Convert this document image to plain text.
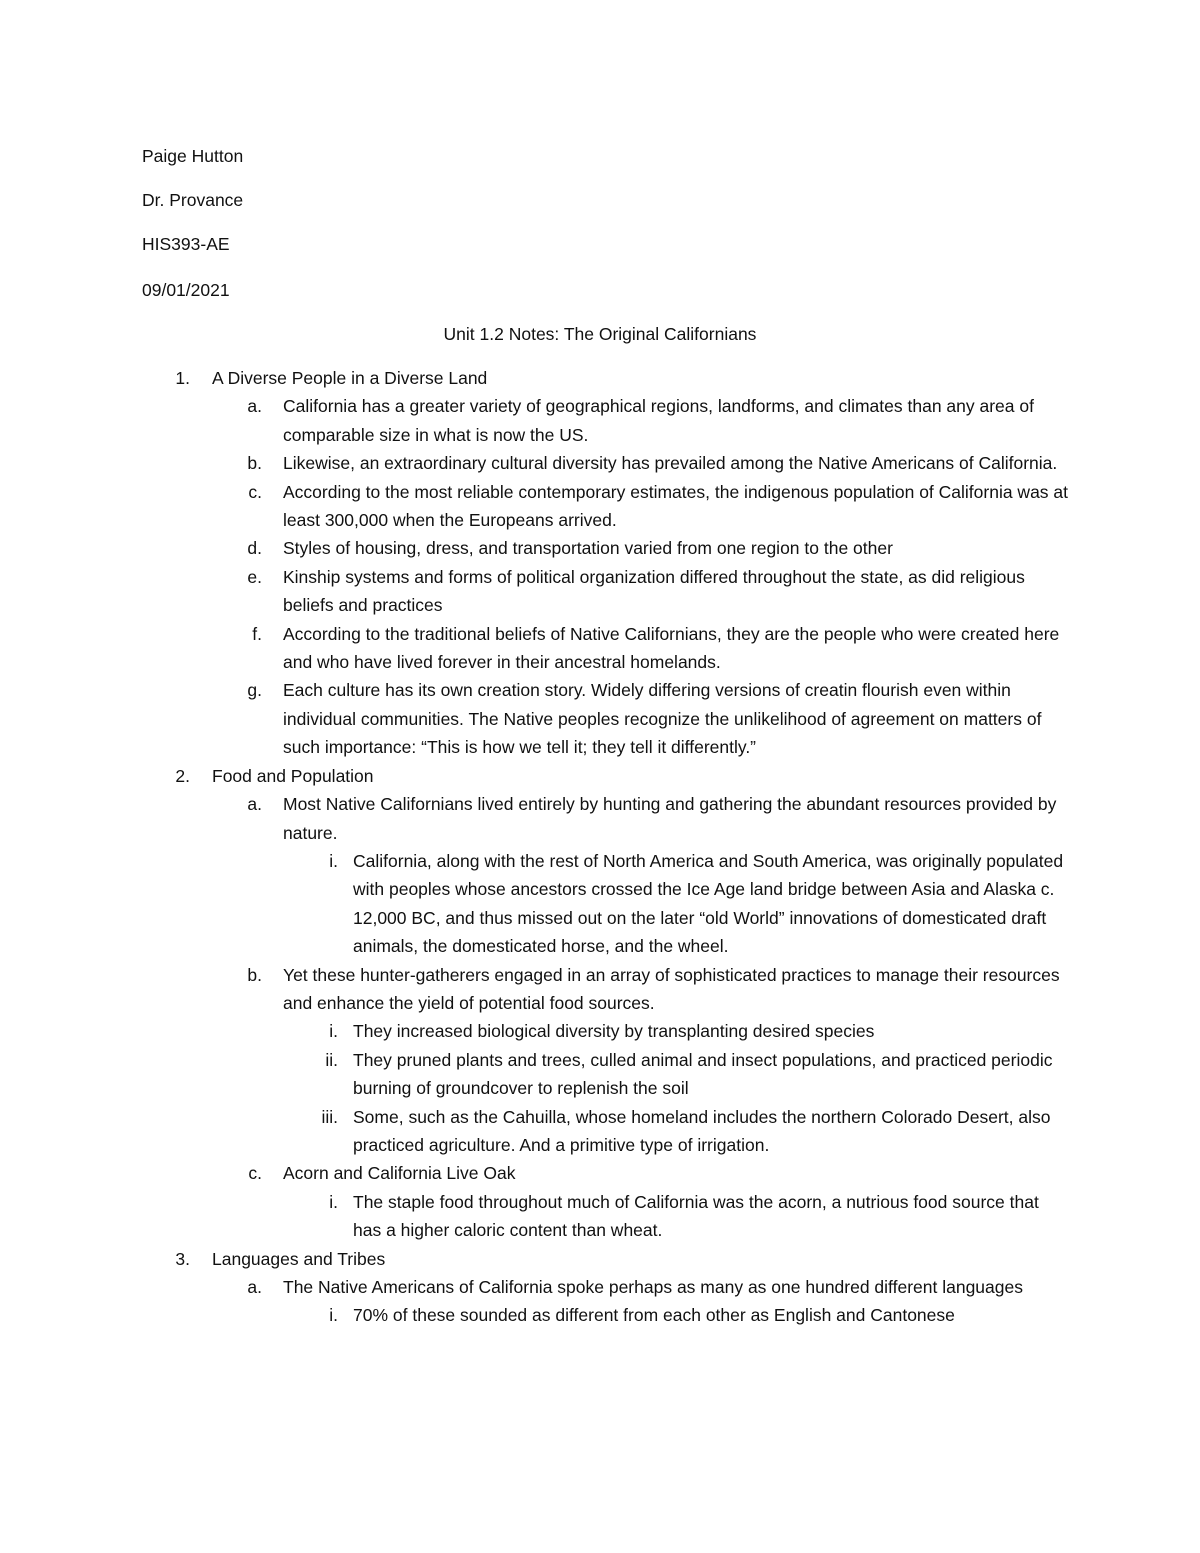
Paige Hutton
Dr. Provance
HIS393-AE
09/01/2021
Unit 1.2 Notes: The Original Californians
1. A Diverse People in a Diverse Land
a. California has a greater variety of geographical regions, landforms, and climates than any area of comparable size in what is now the US.
b. Likewise, an extraordinary cultural diversity has prevailed among the Native Americans of California.
c. According to the most reliable contemporary estimates, the indigenous population of California was at least 300,000 when the Europeans arrived.
d. Styles of housing, dress, and transportation varied from one region to the other
e. Kinship systems and forms of political organization differed throughout the state, as did religious beliefs and practices
f. According to the traditional beliefs of Native Californians, they are the people who were created here and who have lived forever in their ancestral homelands.
g. Each culture has its own creation story. Widely differing versions of creatin flourish even within individual communities. The Native peoples recognize the unlikelihood of agreement on matters of such importance: “This is how we tell it; they tell it differently.”
2. Food and Population
a. Most Native Californians lived entirely by hunting and gathering the abundant resources provided by nature.
i. California, along with the rest of North America and South America, was originally populated with peoples whose ancestors crossed the Ice Age land bridge between Asia and Alaska c. 12,000 BC, and thus missed out on the later “old World” innovations of domesticated draft animals, the domesticated horse, and the wheel.
b. Yet these hunter-gatherers engaged in an array of sophisticated practices to manage their resources and enhance the yield of potential food sources.
i. They increased biological diversity by transplanting desired species
ii. They pruned plants and trees, culled animal and insect populations, and practiced periodic burning of groundcover to replenish the soil
iii. Some, such as the Cahuilla, whose homeland includes the northern Colorado Desert, also practiced agriculture. And a primitive type of irrigation.
c. Acorn and California Live Oak
i. The staple food throughout much of California was the acorn, a nutrious food source that has a higher caloric content than wheat.
3. Languages and Tribes
a. The Native Americans of California spoke perhaps as many as one hundred different languages
i. 70% of these sounded as different from each other as English and Cantonese
